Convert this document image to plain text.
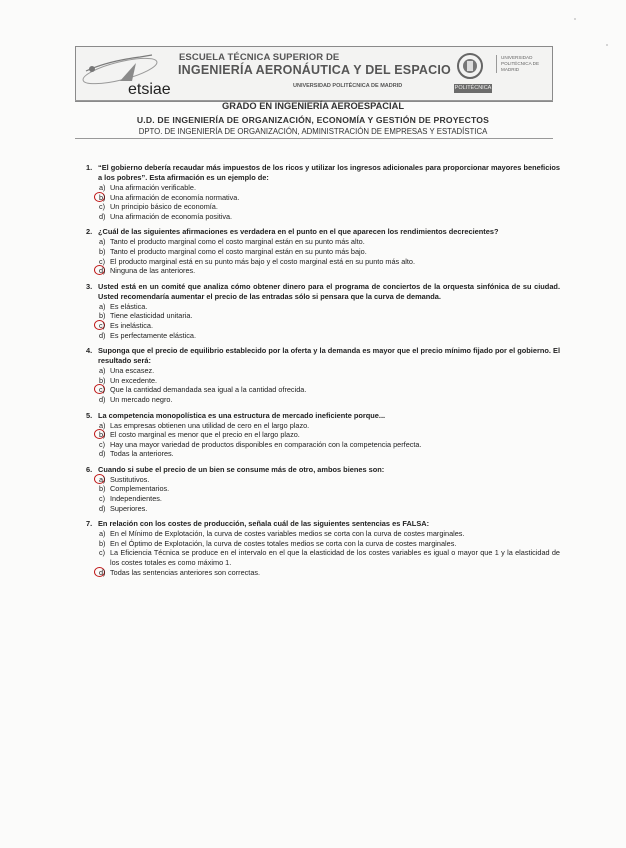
etsiae
ESCUELA TÉCNICA SUPERIOR DE
INGENIERÍA AERONÁUTICA Y DEL ESPACIO
UNIVERSIDAD POLITÉCNICA DE MADRID	POLITÉCNICA
UNIVERSIDAD POLITÉCNICA DE MADRID
GRADO EN INGENIERÍA AEROESPACIAL
U.D. DE INGENIERÍA DE ORGANIZACIÓN, ECONOMÍA Y GESTIÓN DE PROYECTOS
DPTO. DE INGENIERÍA DE ORGANIZACIÓN, ADMINISTRACIÓN DE EMPRESAS Y ESTADÍSTICA
1. “El gobierno debería recaudar más impuestos de los ricos y utilizar los ingresos adicionales para proporcionar mayores beneficios a los pobres”. Esta afirmación es un ejemplo de:
a) Una afirmación verificable.
b) Una afirmación de economía normativa.
c) Un principio básico de economía.
d) Una afirmación de economía positiva.
2. ¿Cuál de las siguientes afirmaciones es verdadera en el punto en el que aparecen los rendimientos decrecientes?
a) Tanto el producto marginal como el costo marginal están en su punto más alto.
b) Tanto el producto marginal como el costo marginal están en su punto más bajo.
c) El producto marginal está en su punto más bajo y el costo marginal está en su punto más alto.
d) Ninguna de las anteriores.
3. Usted está en un comité que analiza cómo obtener dinero para el programa de conciertos de la orquesta sinfónica de su ciudad. Usted recomendaría aumentar el precio de las entradas sólo si pensara que la curva de demanda.
a) Es elástica.
b) Tiene elasticidad unitaria.
c) Es inelástica.
d) Es perfectamente elástica.
4. Suponga que el precio de equilibrio establecido por la oferta y la demanda es mayor que el precio mínimo fijado por el gobierno. El resultado será:
a) Una escasez.
b) Un excedente.
c) Que la cantidad demandada sea igual a la cantidad ofrecida.
d) Un mercado negro.
5. La competencia monopolística es una estructura de mercado ineficiente porque...
a) Las empresas obtienen una utilidad de cero en el largo plazo.
b) El costo marginal es menor que el precio en el largo plazo.
c) Hay una mayor variedad de productos disponibles en comparación con la competencia perfecta.
d) Todas la anteriores.
6. Cuando si sube el precio de un bien se consume más de otro, ambos bienes son:
a) Sustitutivos.
b) Complementarios.
c) Independientes.
d) Superiores.
7. En relación con los costes de producción, señala cuál de las siguientes sentencias es FALSA:
a) En el Mínimo de Explotación, la curva de costes variables medios se corta con la curva de costes marginales.
b) En el Óptimo de Explotación, la curva de costes totales medios se corta con la curva de costes marginales.
c) La Eficiencia Técnica se produce en el intervalo en el que la elasticidad de los costes variables es igual o mayor que 1 y la elasticidad de los costes totales es como máximo 1.
d) Todas las sentencias anteriores son correctas.
